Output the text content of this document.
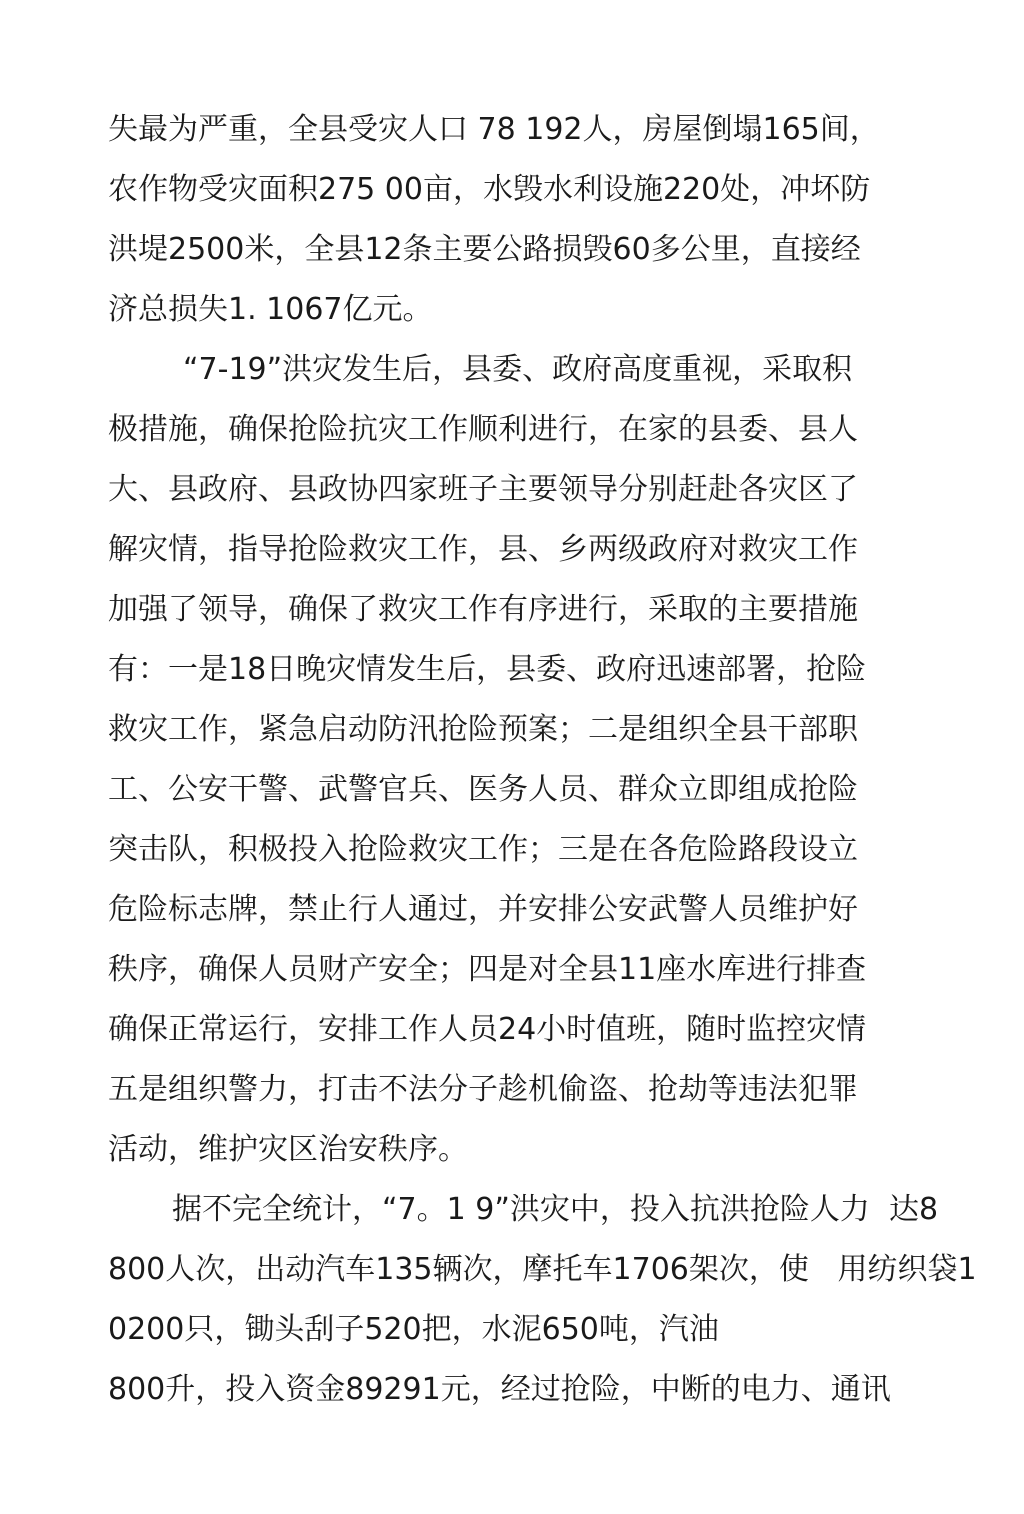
失最为严重，全县受灾人口 78 192人，房屋倒塌165间，
农作物受灾面积275 00亩，水毁水利设施220处，冲坏防
洪堤2500米，全县12条主要公路损毁60多公里，直接经
济总损失1. 1067亿元。
“7-19”洪灾发生后，县委、政府高度重视，采取积
极措施，确保抢险抗灾工作顺利进行，在家的县委、县人
大、县政府、县政协四家班子主要领导分别赶赴各灾区了
解灾情，指导抢险救灾工作，县、乡两级政府对救灾工作
加强了领导，确保了救灾工作有序进行，采取的主要措施
有：一是18日晚灾情发生后，县委、政府迅速部署，抢险
救灾工作，紧急启动防汛抢险预案；二是组织全县干部职
工、公安干警、武警官兵、医务人员、群众立即组成抢险
突击队，积极投入抢险救灾工作；三是在各危险路段设立
危险标志牌，禁止行人通过，并安排公安武警人员维护好
秩序，确保人员财产安全；四是对全县11座水库进行排查
确保正常运行，安排工作人员24小时值班，随时监控灾情
五是组织警力，打击不法分子趁机偷盗、抢劫等违法犯罪
活动，维护灾区治安秩序。
据不完全统计，“7。1 9”洪灾中，投入抗洪抢险人力  达8
800人次，出动汽车135辆次，摩托车1706架次，使   用纺织袋1
0200只，锄头刮子520把，水泥650吨，汽油
800升，投入资金89291元，经过抢险，中断的电力、通讯
